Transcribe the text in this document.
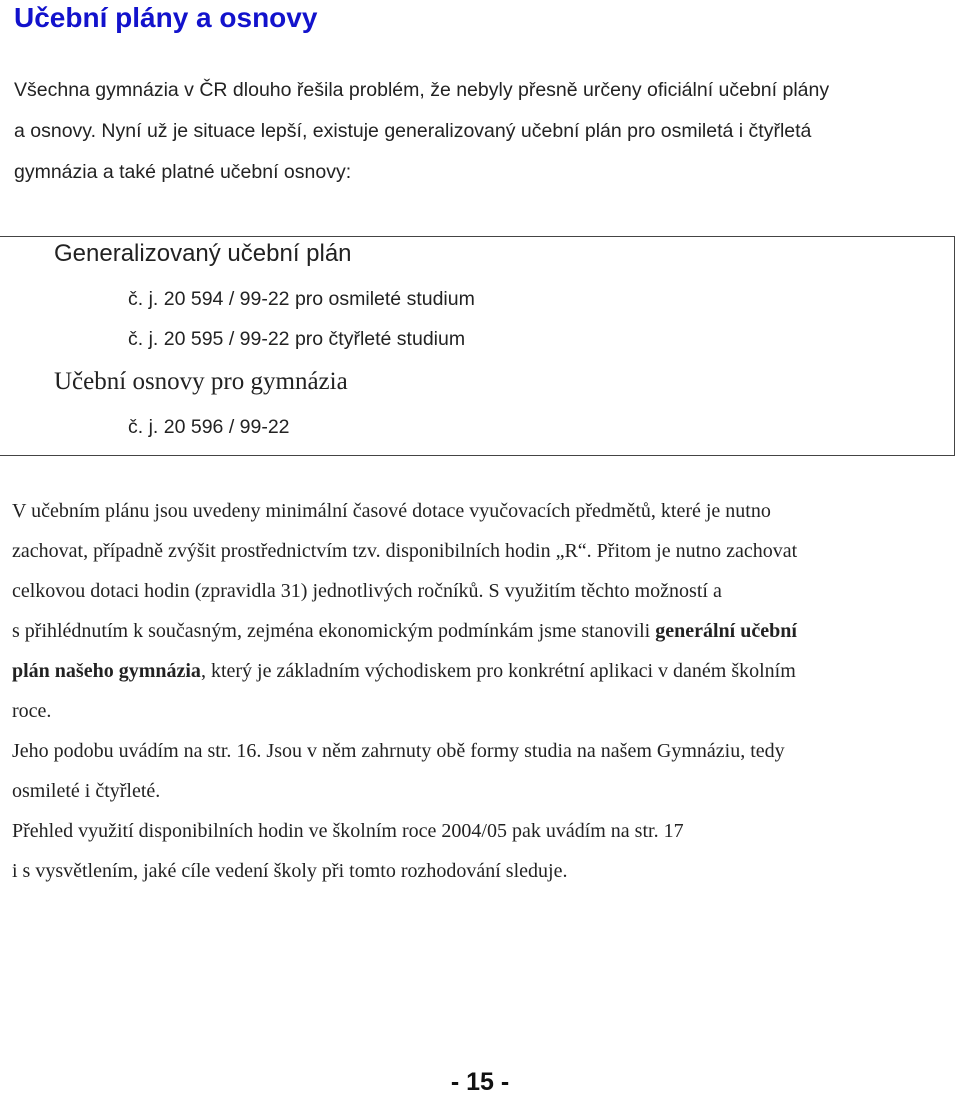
Učební plány a osnovy
Všechna gymnázia v ČR dlouho řešila problém, že nebyly přesně určeny oficiální učební plány
a osnovy. Nyní už je situace lepší, existuje generalizovaný učební plán pro osmiletá i čtyřletá
gymnázia a také platné učební osnovy:
Generalizovaný učební plán
č. j. 20 594 / 99-22 pro osmileté studium
č. j. 20 595 / 99-22 pro čtyřleté studium
Učební osnovy pro gymnázia
č. j. 20 596 / 99-22

V učebním plánu jsou uvedeny minimální časové dotace vyučovacích předmětů, které je nutno

zachovat, případně zvýšit prostřednictvím tzv. disponibilních hodin „R“. Přitom je nutno zachovat

celkovou dotaci hodin (zpravidla 31) jednotlivých ročníků. S využitím těchto možností a

s přihlédnutím k současným, zejména ekonomickým podmínkám jsme stanovili generální učební

plán našeho gymnázia, který je základním východiskem pro konkrétní aplikaci v daném školním

roce.

Jeho podobu uvádím na str. 16. Jsou v něm zahrnuty obě formy studia na našem Gymnáziu, tedy

osmileté i čtyřleté.

Přehled využití disponibilních hodin ve školním roce 2004/05 pak uvádím na str. 17

i s vysvětlením, jaké cíle vedení školy při tomto rozhodování sleduje.

- 15 -
